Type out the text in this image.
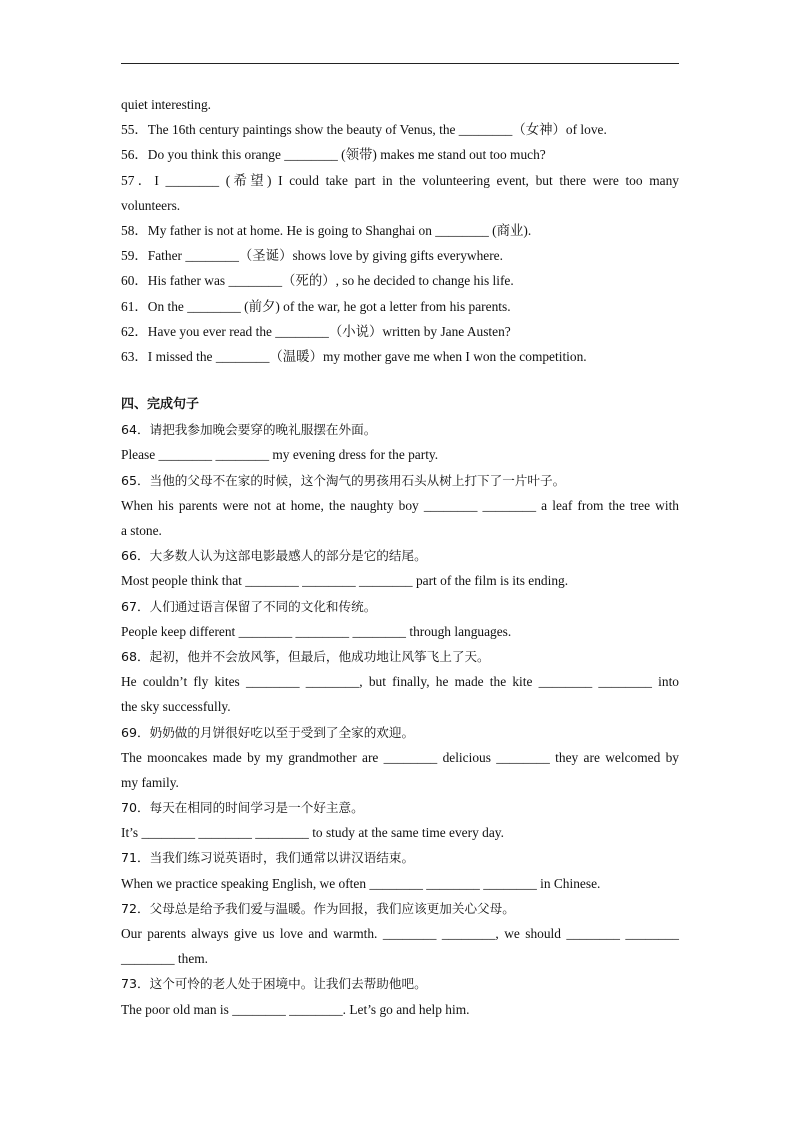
quiet interesting.
55．The 16th century paintings show the beauty of Venus, the ________（女神）of love.
56．Do you think this orange ________ (领带) makes me stand out too much?
57．I ________ (希望) I could take part in the volunteering event, but there were too many
volunteers.
58．My father is not at home. He is going to Shanghai on ________ (商业).
59．Father ________（圣诞）shows love by giving gifts everywhere.
60．His father was ________（死的）, so he decided to change his life.
61．On the ________ (前夕) of the war, he got a letter from his parents.
62．Have you ever read the ________（小说）written by Jane Austen?
63．I missed the ________（温暖）my mother gave me when I won the competition.
四、完成句子
64．请把我参加晚会要穿的晚礼服摆在外面。
Please ________ ________ my evening dress for the party.
65．当他的父母不在家的时候，这个淘气的男孩用石头从树上打下了一片叶子。
When his parents were not at home, the naughty boy ________ ________ a leaf from the tree with
a stone.
66．大多数人认为这部电影最感人的部分是它的结尾。
Most people think that ________ ________ ________ part of the film is its ending.
67．人们通过语言保留了不同的文化和传统。
People keep different ________ ________ ________ through languages.
68．起初，他并不会放风筝，但最后，他成功地让风筝飞上了天。
He couldn’t fly kites ________ ________, but finally, he made the kite ________ ________ into
the sky successfully.
69．奶奶做的月饼很好吃以至于受到了全家的欢迎。
The mooncakes made by my grandmother are ________ delicious ________ they are welcomed by
my family.
70．每天在相同的时间学习是一个好主意。
It’s ________ ________ ________ to study at the same time every day.
71．当我们练习说英语时，我们通常以讲汉语结束。
When we practice speaking English, we often ________ ________ ________ in Chinese.
72．父母总是给予我们爱与温暖。作为回报，我们应该更加关心父母。
Our parents always give us love and warmth. ________ ________, we should ________ ________
________ them.
73．这个可怜的老人处于困境中。让我们去帮助他吧。
The poor old man is ________ ________. Let’s go and help him.
